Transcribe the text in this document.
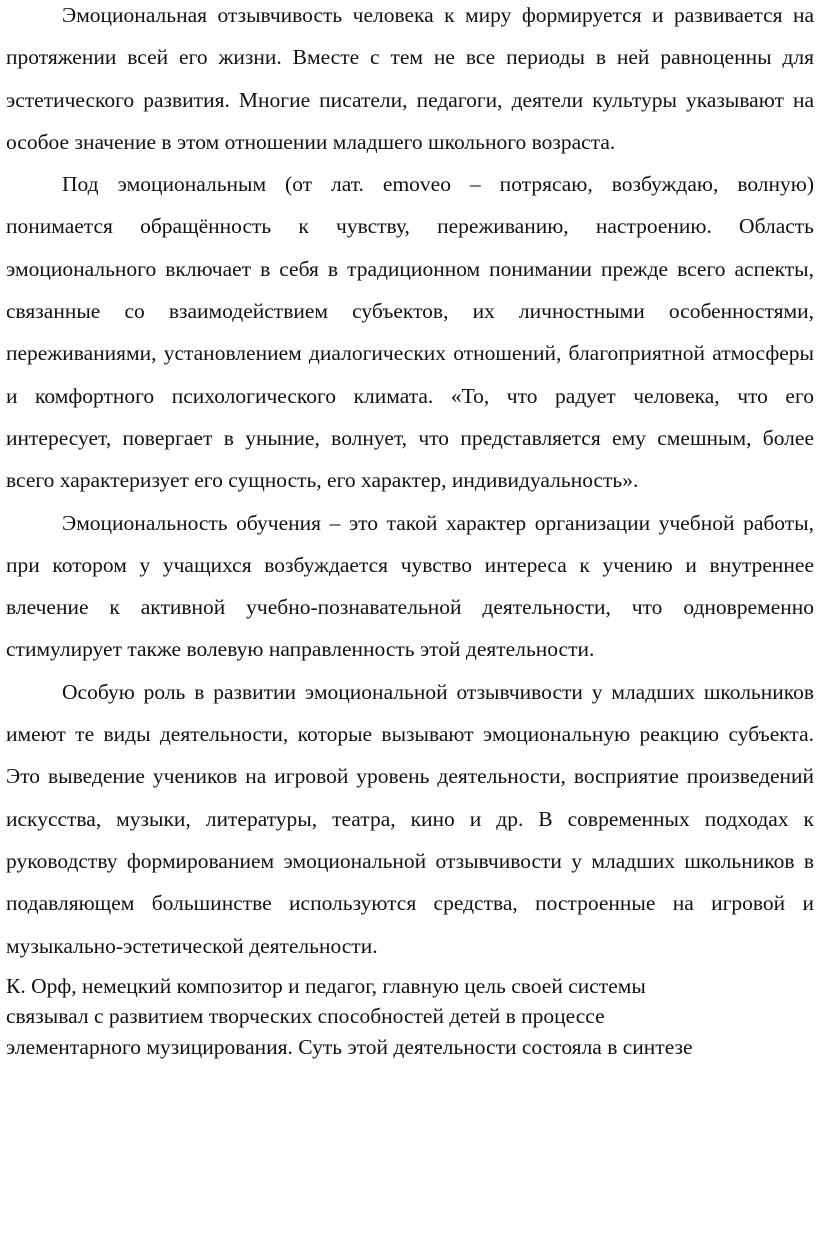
Эмоциональная отзывчивость человека к миру формируется и развивается на протяжении всей его жизни. Вместе с тем не все периоды в ней равноценны для эстетического развития. Многие писатели, педагоги, деятели культуры указывают на особое значение в этом отношении младшего школьного возраста.

Под эмоциональным (от лат. emoveo – потрясаю, возбуждаю, волную) понимается обращённость к чувству, переживанию, настроению. Область эмоционального включает в себя в традиционном понимании прежде всего аспекты, связанные со взаимодействием субъектов, их личностными особенностями, переживаниями, установлением диалогических отношений, благоприятной атмосферы и комфортного психологического климата. «То, что радует человека, что его интересует, повергает в уныние, волнует, что представляется ему смешным, более всего характеризует его сущность, его характер, индивидуальность».

Эмоциональность обучения – это такой характер организации учебной работы, при котором у учащихся возбуждается чувство интереса к учению и внутреннее влечение к активной учебно-познавательной деятельности, что одновременно стимулирует также волевую направленность этой деятельности.

Особую роль в развитии эмоциональной отзывчивости у младших школьников имеют те виды деятельности, которые вызывают эмоциональную реакцию субъекта. Это выведение учеников на игровой уровень деятельности, восприятие произведений искусства, музыки, литературы, театра, кино и др. В современных подходах к руководству формированием эмоциональной отзывчивости у младших школьников в подавляющем большинстве используются средства, построенные на игровой и музыкально-эстетической деятельности.

К. Орф, немецкий композитор и педагог, главную цель своей системы
связывал с развитием творческих способностей детей в процессе
элементарного музицирования. Суть этой деятельности состояла в синтезе
